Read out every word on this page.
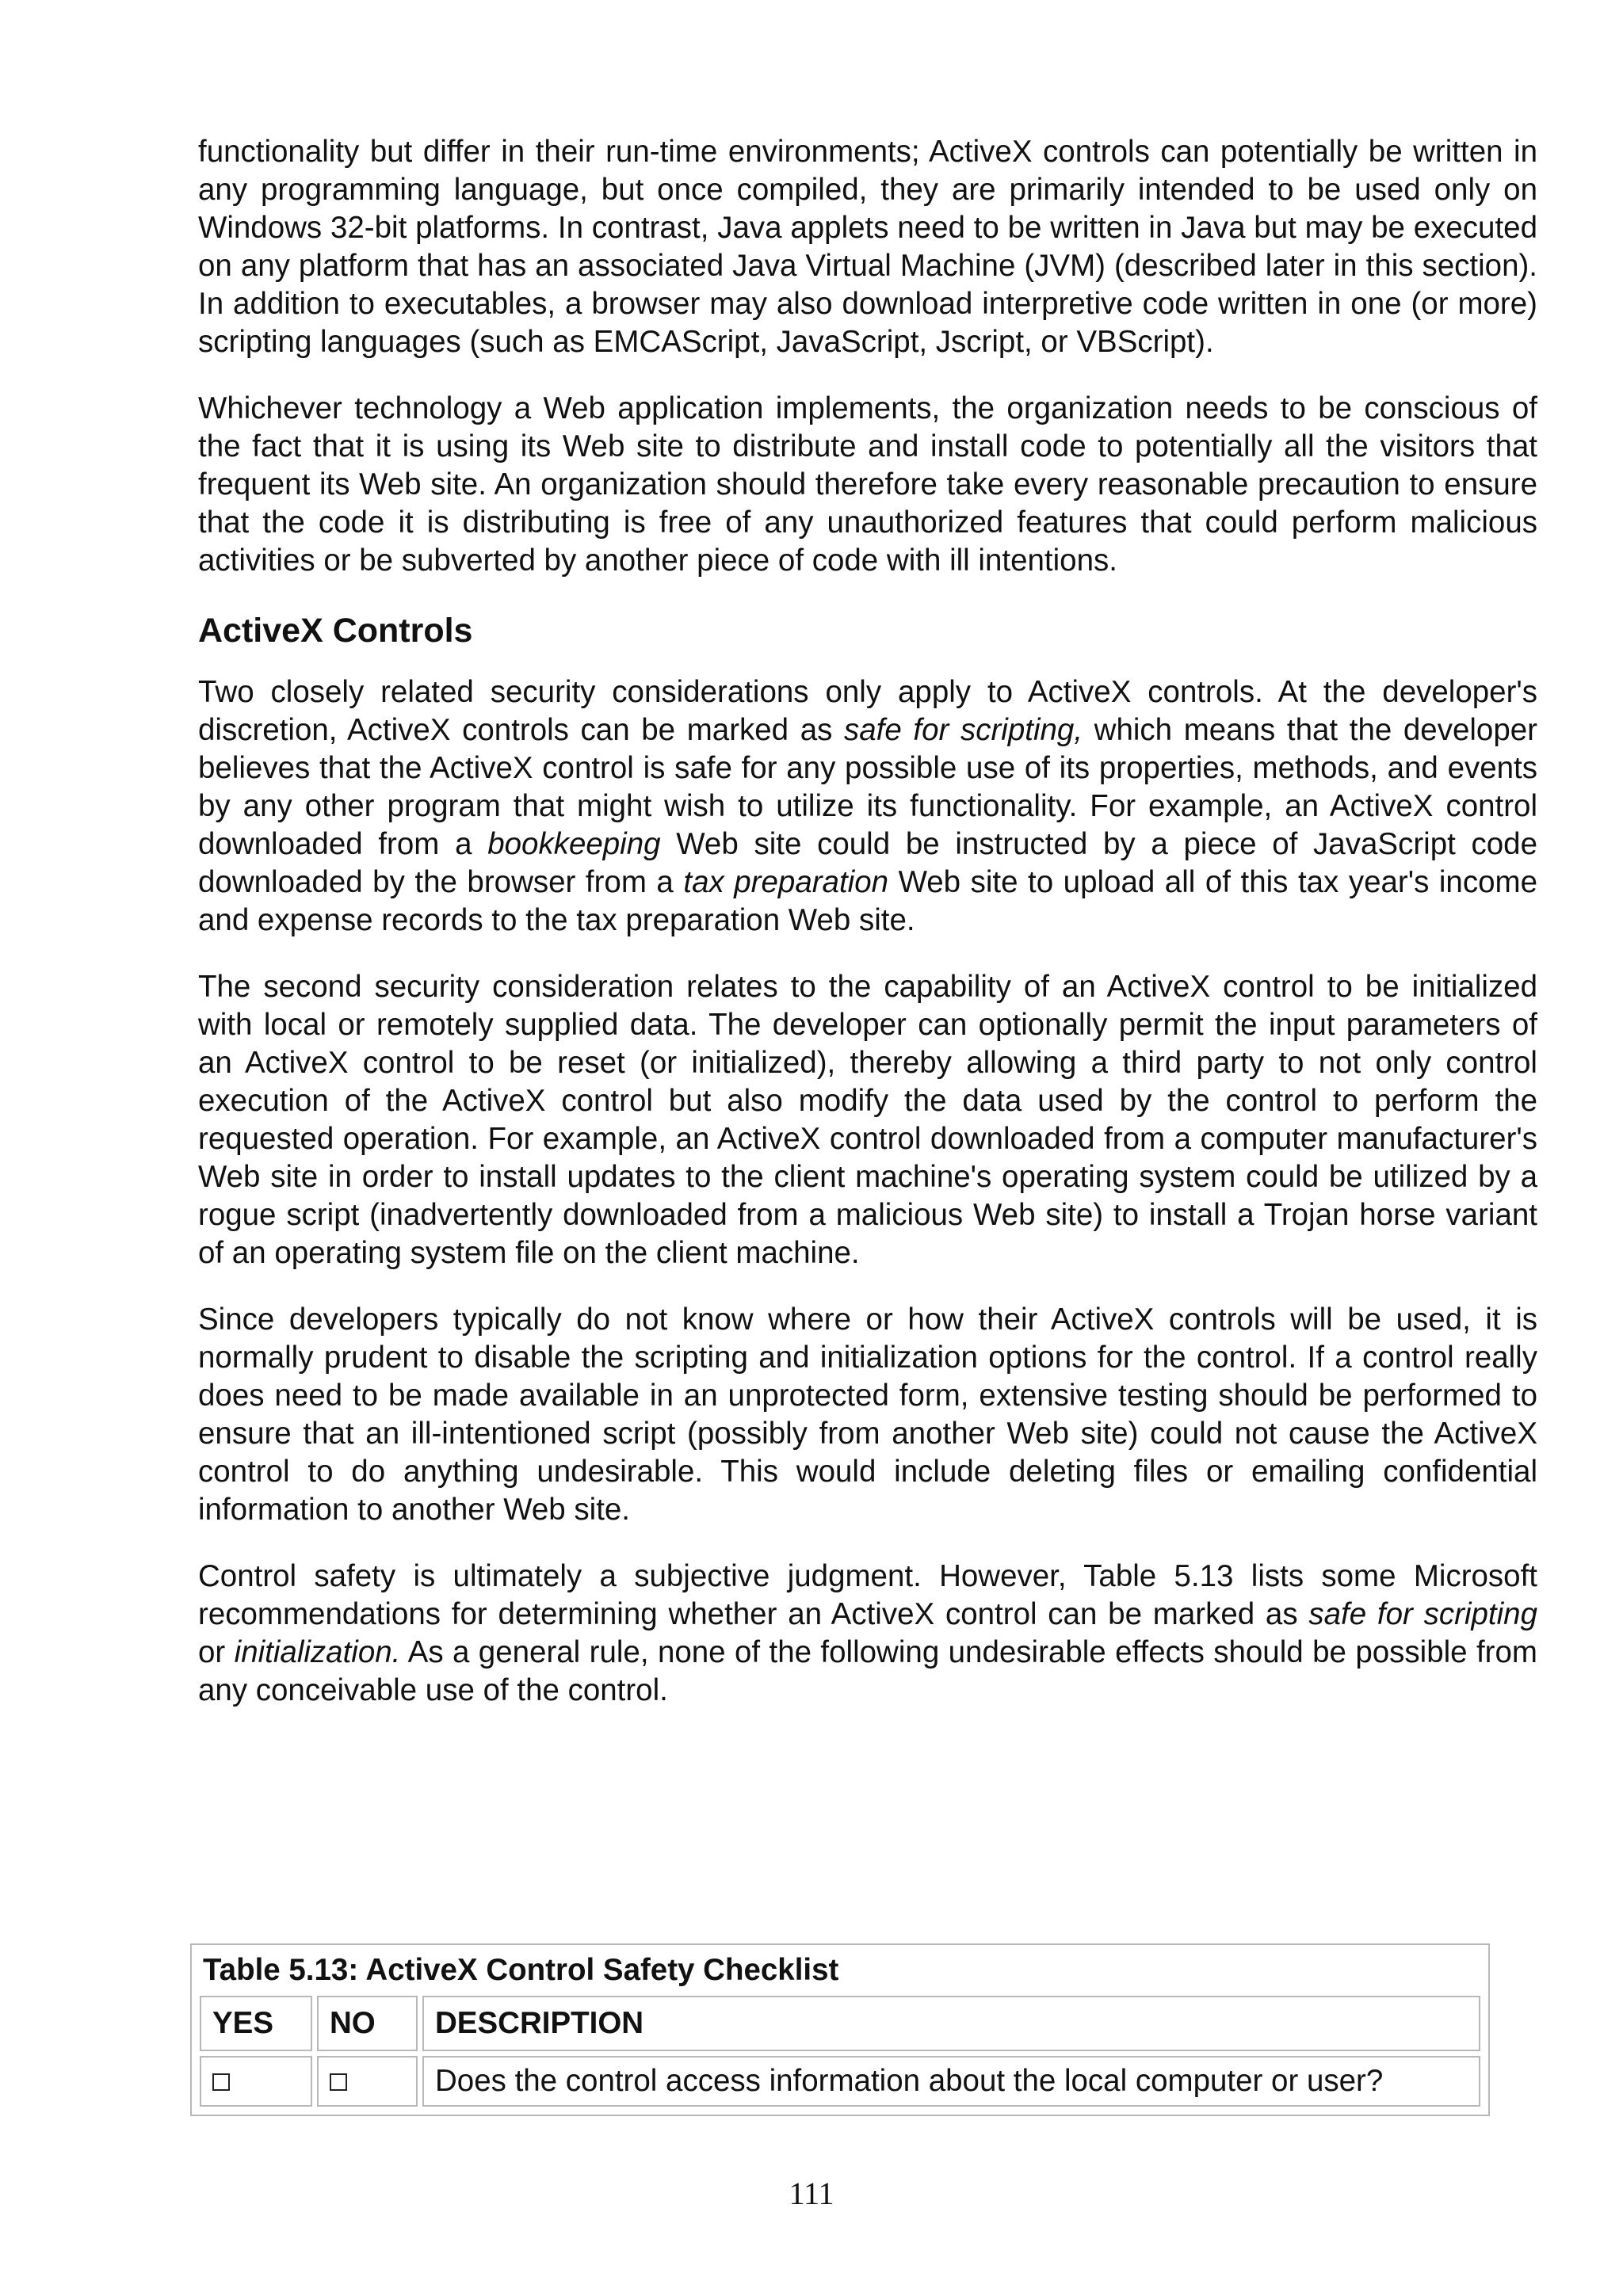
functionality but differ in their run-time environments; ActiveX controls can potentially be written in any programming language, but once compiled, they are primarily intended to be used only on Windows 32-bit platforms. In contrast, Java applets need to be written in Java but may be executed on any platform that has an associated Java Virtual Machine (JVM) (described later in this section). In addition to executables, a browser may also download interpretive code written in one (or more) scripting languages (such as EMCAScript, JavaScript, Jscript, or VBScript).

Whichever technology a Web application implements, the organization needs to be conscious of the fact that it is using its Web site to distribute and install code to potentially all the visitors that frequent its Web site. An organization should therefore take every reasonable precaution to ensure that the code it is distributing is free of any unauthorized features that could perform malicious activities or be subverted by another piece of code with ill intentions.

ActiveX Controls

Two closely related security considerations only apply to ActiveX controls. At the developer's discretion, ActiveX controls can be marked as safe for scripting, which means that the developer believes that the ActiveX control is safe for any possible use of its properties, methods, and events by any other program that might wish to utilize its functionality. For example, an ActiveX control downloaded from a bookkeeping Web site could be instructed by a piece of JavaScript code downloaded by the browser from a tax preparation Web site to upload all of this tax year's income and expense records to the tax preparation Web site.

The second security consideration relates to the capability of an ActiveX control to be initialized with local or remotely supplied data. The developer can optionally permit the input parameters of an ActiveX control to be reset (or initialized), thereby allowing a third party to not only control execution of the ActiveX control but also modify the data used by the control to perform the requested operation. For example, an ActiveX control downloaded from a computer manufacturer's Web site in order to install updates to the client machine's operating system could be utilized by a rogue script (inadvertently downloaded from a malicious Web site) to install a Trojan horse variant of an operating system file on the client machine.

Since developers typically do not know where or how their ActiveX controls will be used, it is normally prudent to disable the scripting and initialization options for the control. If a control really does need to be made available in an unprotected form, extensive testing should be performed to ensure that an ill-intentioned script (possibly from another Web site) could not cause the ActiveX control to do anything undesirable. This would include deleting files or emailing confidential information to another Web site.

Control safety is ultimately a subjective judgment. However, Table 5.13 lists some Microsoft recommendations for determining whether an ActiveX control can be marked as safe for scripting or initialization. As a general rule, none of the following undesirable effects should be possible from any conceivable use of the control.

Table 5.13: ActiveX Control Safety Checklist
YES	NO	DESCRIPTION
		Does the control access information about the local computer or user?
111
